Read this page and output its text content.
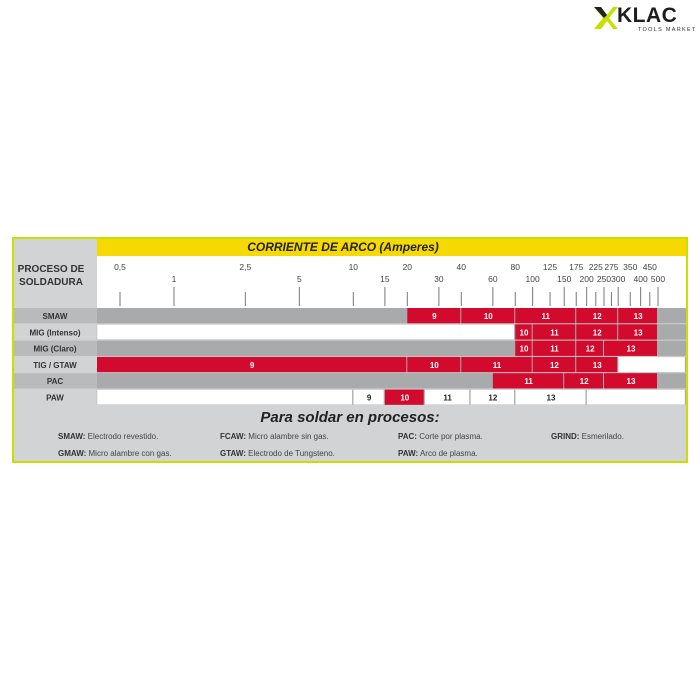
KLAC
TOOLS MARKET
CORRIENTE DE ARCO (Amperes)
PROCESO DE
SOLDADURA
0,5	2,5	10	20	40	80	125 175 225 275 350 450
1	5	15	30	60	100 150 200 250 300 400 500
SMAW	9	10	11	12	13
MIG (Intenso)	10	11	12	13
MIG (Claro)	10	11	12	13
TIG / GTAW	9	10	11	12	13
PAC	11	12	13
PAW	9	10	11	12	13
Para soldar en procesos:
SMAW: Electrodo revestido.	FCAW: Micro alambre sin gas.	PAC: Corte por plasma.	GRIND: Esmerilado.
GMAW: Micro alambre con gas.	GTAW: Electrodo de Tungsteno.	PAW: Arco de plasma.
